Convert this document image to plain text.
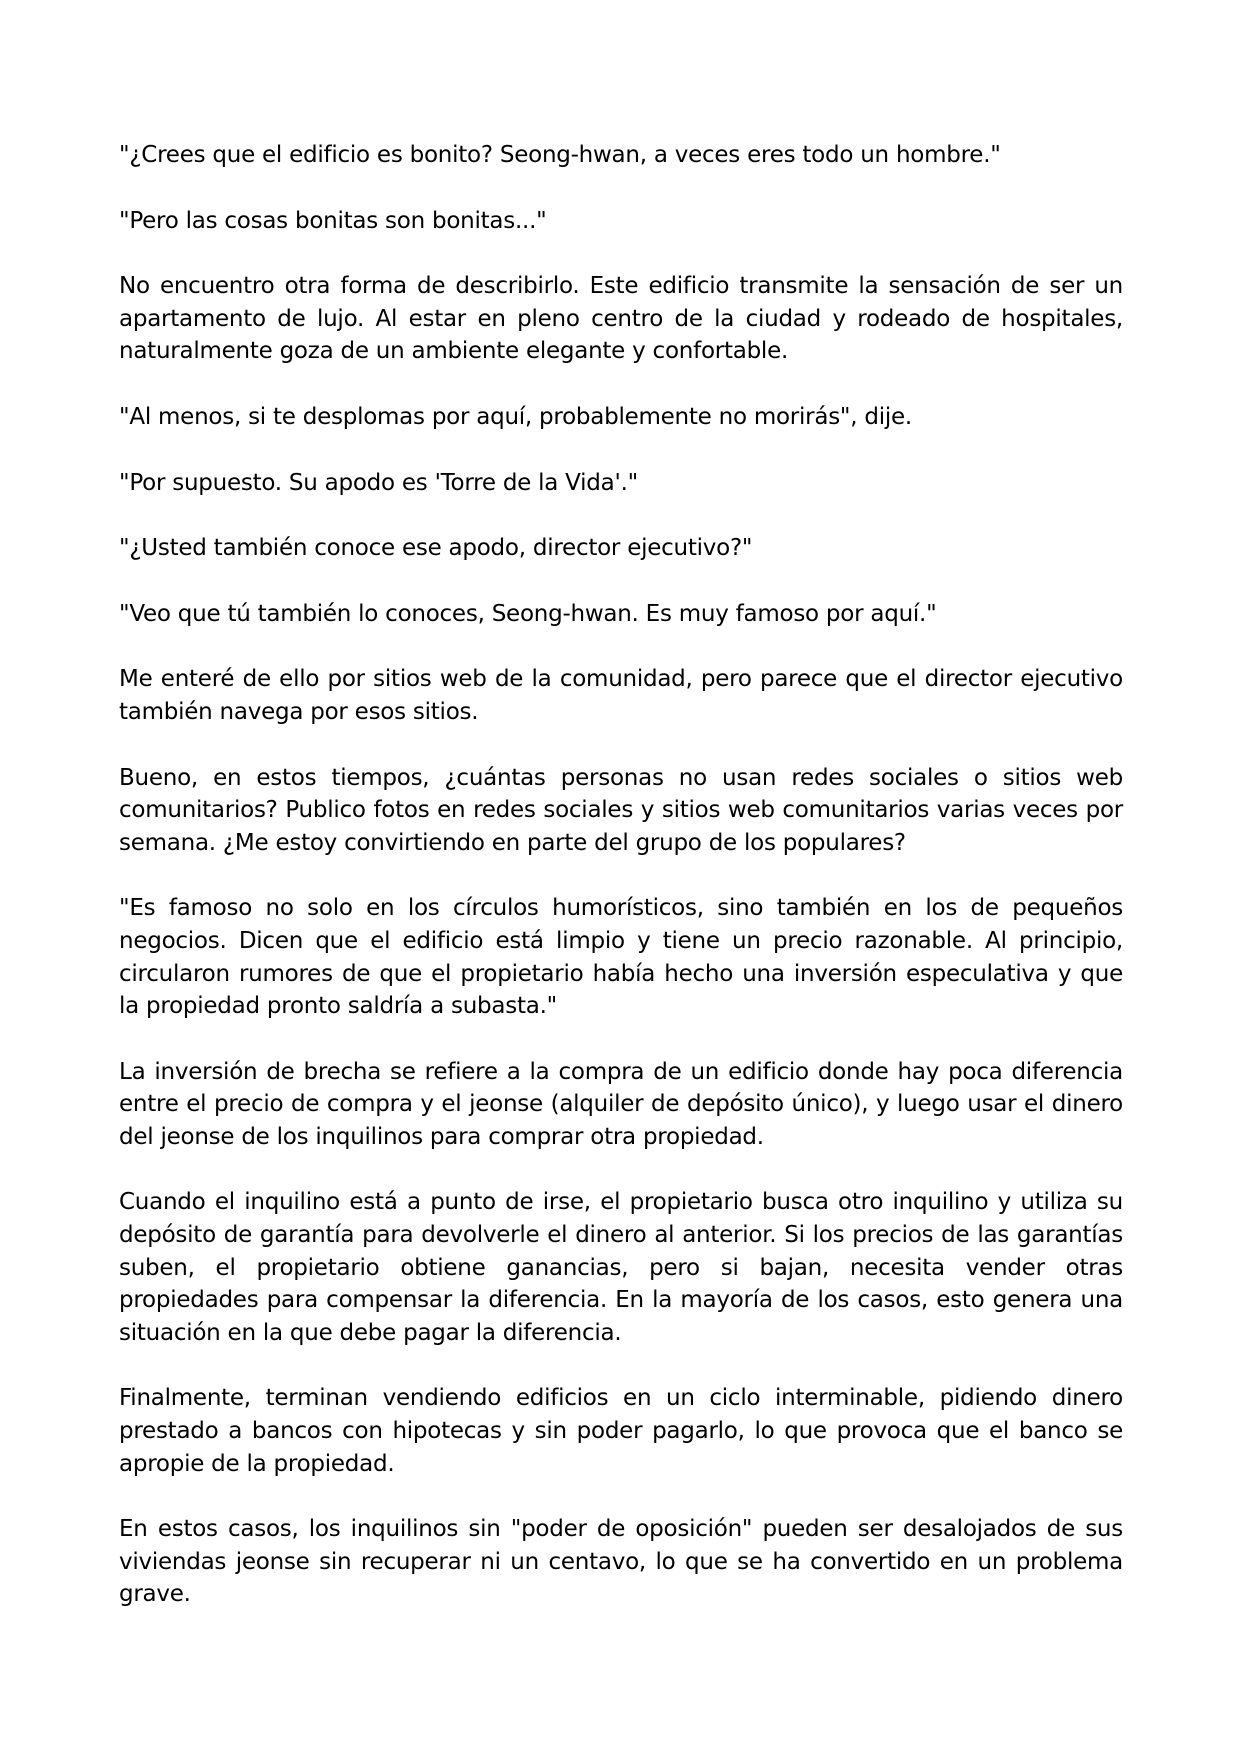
"¿Crees que el edificio es bonito? Seong-hwan, a veces eres todo un hombre."

"Pero las cosas bonitas son bonitas..."

No encuentro otra forma de describirlo. Este edificio transmite la sensación de ser un apartamento de lujo. Al estar en pleno centro de la ciudad y rodeado de hospitales, naturalmente goza de un ambiente elegante y confortable.

"Al menos, si te desplomas por aquí, probablemente no morirás", dije.

"Por supuesto. Su apodo es 'Torre de la Vida'."

"¿Usted también conoce ese apodo, director ejecutivo?"

"Veo que tú también lo conoces, Seong-hwan. Es muy famoso por aquí."

Me enteré de ello por sitios web de la comunidad, pero parece que el director ejecutivo también navega por esos sitios.

Bueno, en estos tiempos, ¿cuántas personas no usan redes sociales o sitios web comunitarios? Publico fotos en redes sociales y sitios web comunitarios varias veces por semana. ¿Me estoy convirtiendo en parte del grupo de los populares?

"Es famoso no solo en los círculos humorísticos, sino también en los de pequeños negocios. Dicen que el edificio está limpio y tiene un precio razonable. Al principio, circularon rumores de que el propietario había hecho una inversión especulativa y que la propiedad pronto saldría a subasta."

La inversión de brecha se refiere a la compra de un edificio donde hay poca diferencia entre el precio de compra y el jeonse (alquiler de depósito único), y luego usar el dinero del jeonse de los inquilinos para comprar otra propiedad.

Cuando el inquilino está a punto de irse, el propietario busca otro inquilino y utiliza su depósito de garantía para devolverle el dinero al anterior. Si los precios de las garantías suben, el propietario obtiene ganancias, pero si bajan, necesita vender otras propiedades para compensar la diferencia. En la mayoría de los casos, esto genera una situación en la que debe pagar la diferencia.

Finalmente, terminan vendiendo edificios en un ciclo interminable, pidiendo dinero prestado a bancos con hipotecas y sin poder pagarlo, lo que provoca que el banco se apropie de la propiedad.

En estos casos, los inquilinos sin "poder de oposición" pueden ser desalojados de sus viviendas jeonse sin recuperar ni un centavo, lo que se ha convertido en un problema grave.
